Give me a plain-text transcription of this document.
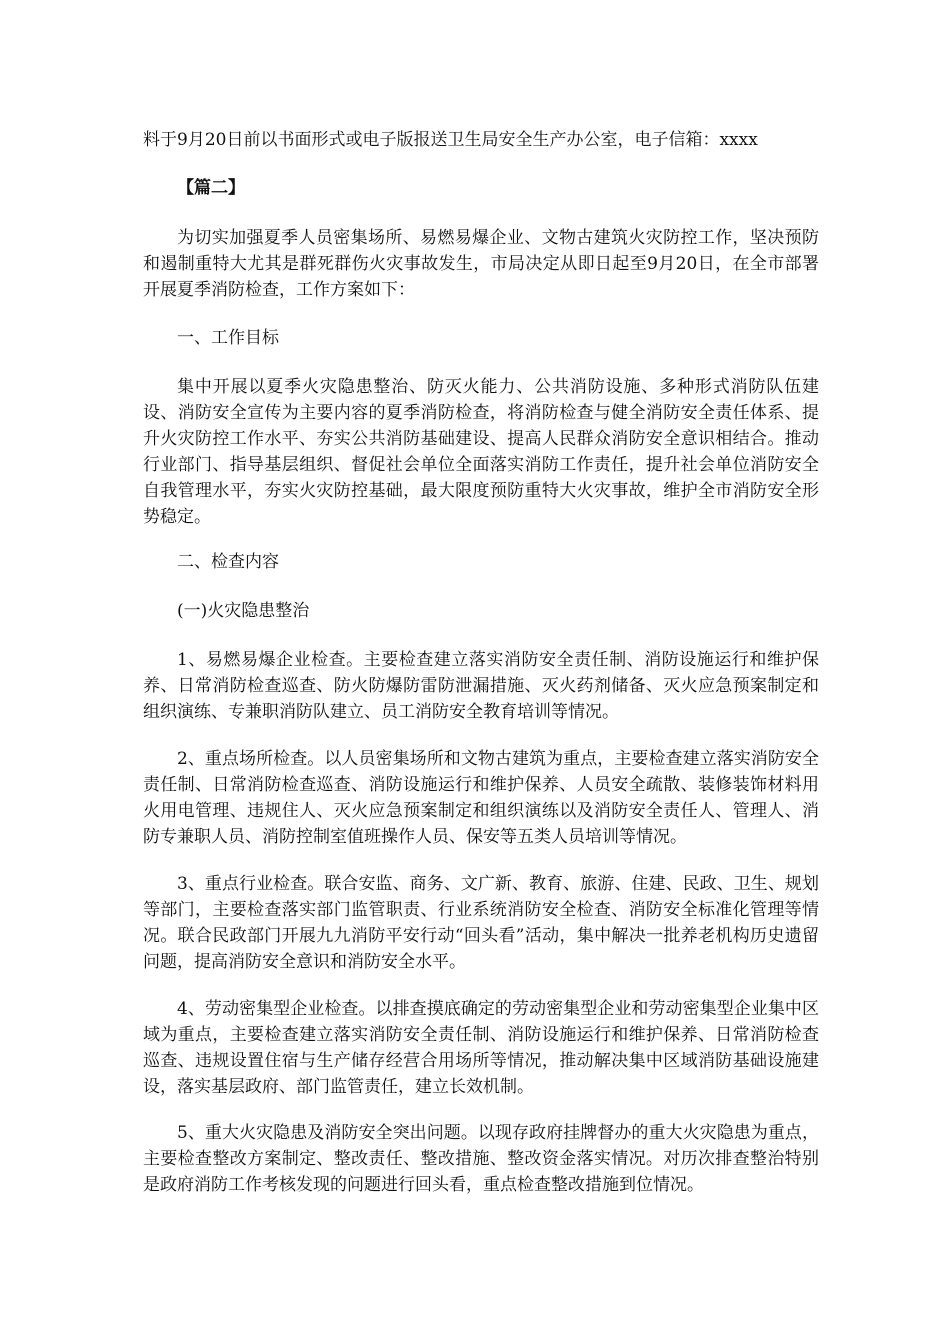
料于9月20日前以书面形式或电子版报送卫生局安全生产办公室，电子信箱：xxxx

【篇二】

为切实加强夏季人员密集场所、易燃易爆企业、文物古建筑火灾防控工作，坚决预防和遏制重特大尤其是群死群伤火灾事故发生，市局决定从即日起至9月20日，在全市部署开展夏季消防检查，工作方案如下：

一、工作目标

集中开展以夏季火灾隐患整治、防灭火能力、公共消防设施、多种形式消防队伍建设、消防安全宣传为主要内容的夏季消防检查，将消防检查与健全消防安全责任体系、提升火灾防控工作水平、夯实公共消防基础建设、提高人民群众消防安全意识相结合。推动行业部门、指导基层组织、督促社会单位全面落实消防工作责任，提升社会单位消防安全自我管理水平，夯实火灾防控基础，最大限度预防重特大火灾事故，维护全市消防安全形势稳定。

二、检查内容

(一)火灾隐患整治

1、易燃易爆企业检查。主要检查建立落实消防安全责任制、消防设施运行和维护保养、日常消防检查巡查、防火防爆防雷防泄漏措施、灭火药剂储备、灭火应急预案制定和组织演练、专兼职消防队建立、员工消防安全教育培训等情况。

2、重点场所检查。以人员密集场所和文物古建筑为重点，主要检查建立落实消防安全责任制、日常消防检查巡查、消防设施运行和维护保养、人员安全疏散、装修装饰材料用火用电管理、违规住人、灭火应急预案制定和组织演练以及消防安全责任人、管理人、消防专兼职人员、消防控制室值班操作人员、保安等五类人员培训等情况。

3、重点行业检查。联合安监、商务、文广新、教育、旅游、住建、民政、卫生、规划等部门，主要检查落实部门监管职责、行业系统消防安全检查、消防安全标准化管理等情况。联合民政部门开展九九消防平安行动“回头看”活动，集中解决一批养老机构历史遗留问题，提高消防安全意识和消防安全水平。

4、劳动密集型企业检查。以排查摸底确定的劳动密集型企业和劳动密集型企业集中区域为重点，主要检查建立落实消防安全责任制、消防设施运行和维护保养、日常消防检查巡查、违规设置住宿与生产储存经营合用场所等情况，推动解决集中区域消防基础设施建设，落实基层政府、部门监管责任，建立长效机制。

5、重大火灾隐患及消防安全突出问题。以现存政府挂牌督办的重大火灾隐患为重点，主要检查整改方案制定、整改责任、整改措施、整改资金落实情况。对历次排查整治特别是政府消防工作考核发现的问题进行回头看，重点检查整改措施到位情况。
